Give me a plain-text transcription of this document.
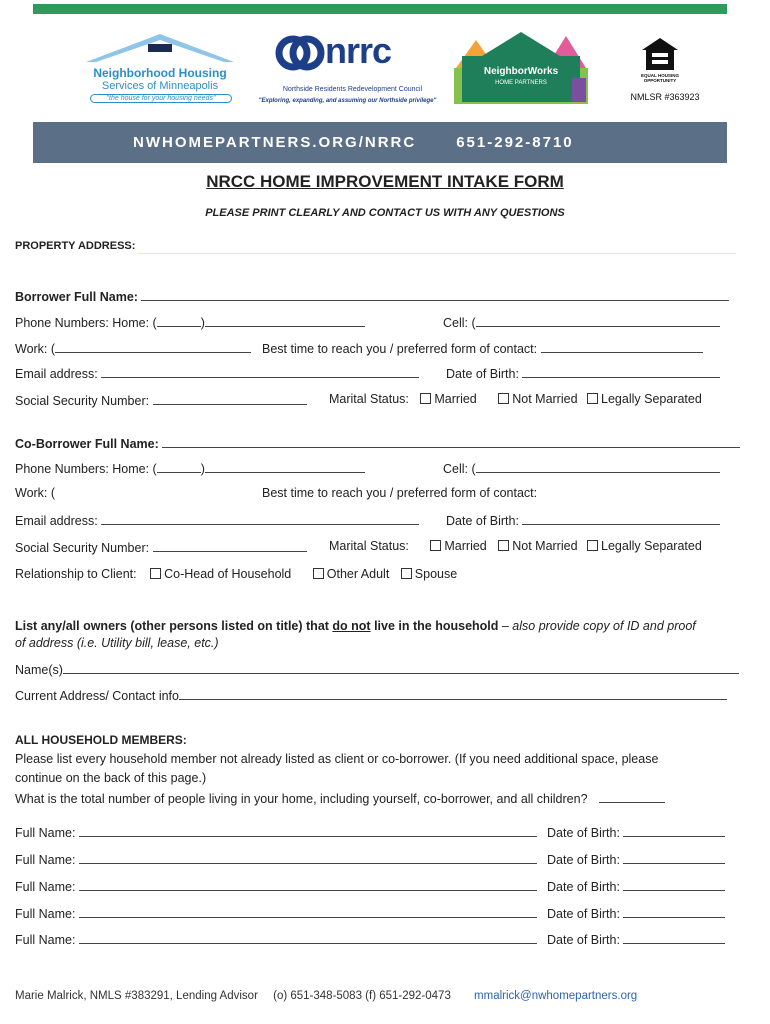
Neighborhood Housing
Services of Minneapolis
"the house for your housing needs"
nrrc
Northside Residents Redevelopment Council
"Exploring, expanding, and assuming our Northside privilege"
NeighborWorks
HOME PARTNERS
EQUAL HOUSING OPPORTUNITY
NMLSR #363923
NWHOMEPARTNERS.ORG/NRRC	651-292-8710
NRCC HOME IMPROVEMENT INTAKE FORM
PLEASE PRINT CLEARLY AND CONTACT US WITH ANY QUESTIONS
PROPERTY ADDRESS:
Borrower Full Name:
Phone Numbers: Home: (	)	Cell: (
Work: (	Best time to reach you / preferred form of contact:
Email address:	Date of Birth:
Social Security Number:	Marital Status: Married	Not Married Legally Separated
Co-Borrower Full Name:
Phone Numbers: Home: (	)	Cell: (
Work: (	Best time to reach you / preferred form of contact:
Email address:	Date of Birth:
Social Security Number:	Marital Status:	Married Not Married Legally Separated
Relationship to Client: Co-Head of Household	Other Adult Spouse
List any/all owners (other persons listed on title) that do not live in the household – also provide copy of ID and proof
of address (i.e. Utility bill, lease, etc.)
Name(s)
Current Address/ Contact info
ALL HOUSEHOLD MEMBERS:
Please list every household member not already listed as client or co-borrower. (If you need additional space, please
continue on the back of this page.)
What is the total number of people living in your home, including yourself, co-borrower, and all children?
Full Name:	Date of Birth:
Full Name:	Date of Birth:
Full Name:	Date of Birth:
Full Name:	Date of Birth:
Full Name:	Date of Birth:
Marie Malrick, NMLS #383291, Lending Advisor (o) 651-348-5083 (f) 651-292-0473 mmalrick@nwhomepartners.org
